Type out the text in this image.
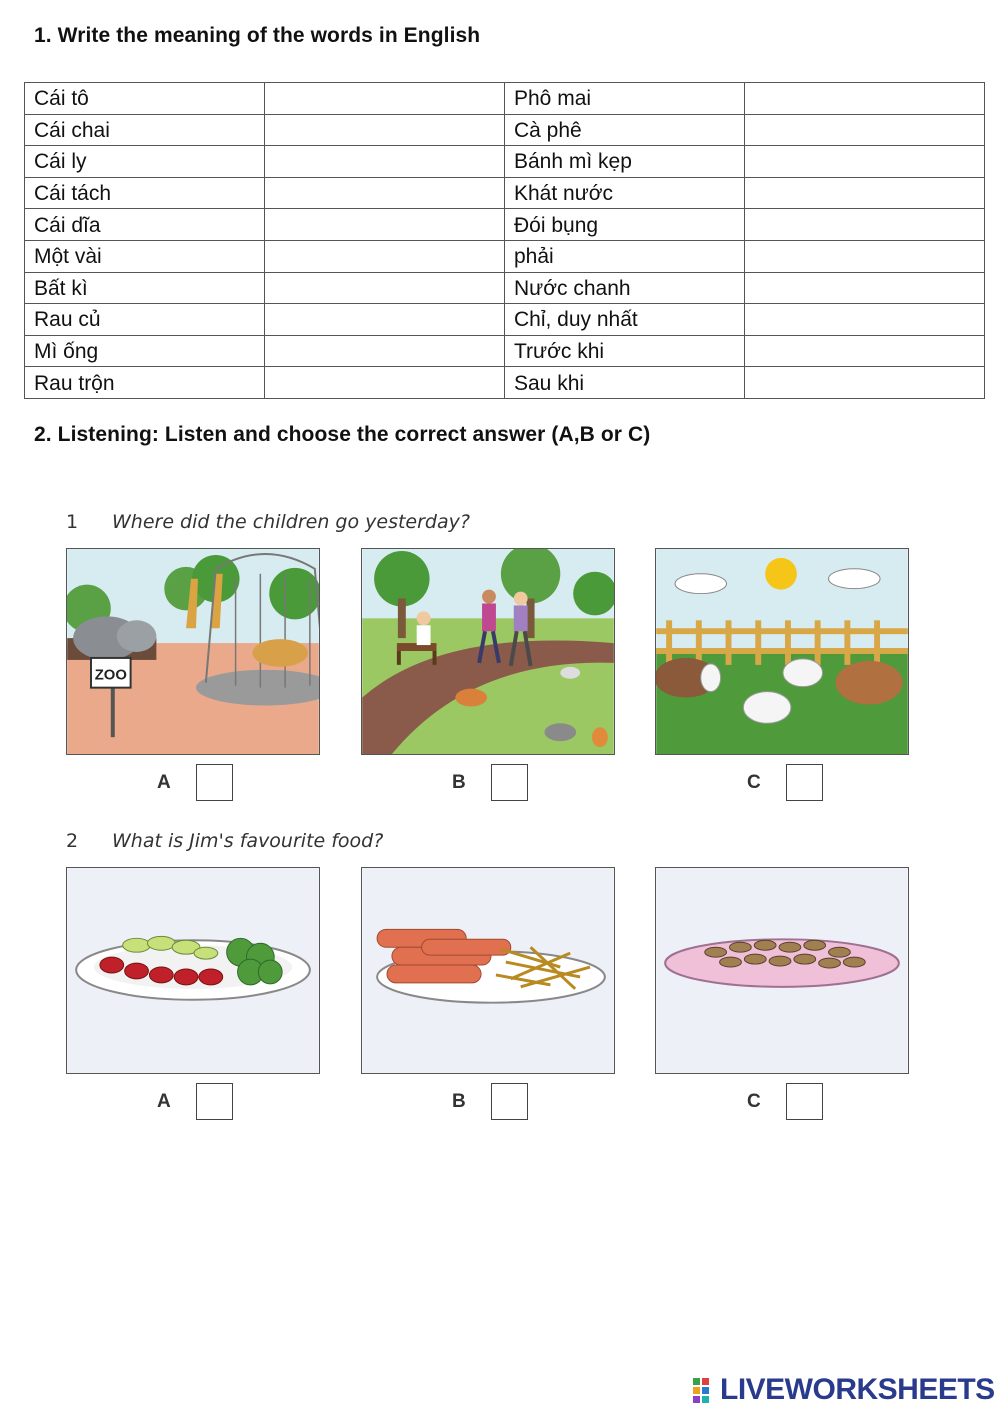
1. Write the meaning of the words in English
Cái tô		Phô mai	
Cái chai		Cà phê	
Cái ly		Bánh mì kẹp	
Cái tách		Khát nước	
Cái dĩa		Đói bụng	
Một vài		phải	
Bất kì		Nước chanh	
Rau củ		Chỉ, duy nhất	
Mì ống		Trước khi	
Rau trộn		Sau khi	
2. Listening: Listen and choose the correct answer (A,B or C)
1 Where did the children go yesterday?
ZOO
A	B	C
2 What is Jim's favourite food?
A	B	C
LIVEWORKSHEETS
